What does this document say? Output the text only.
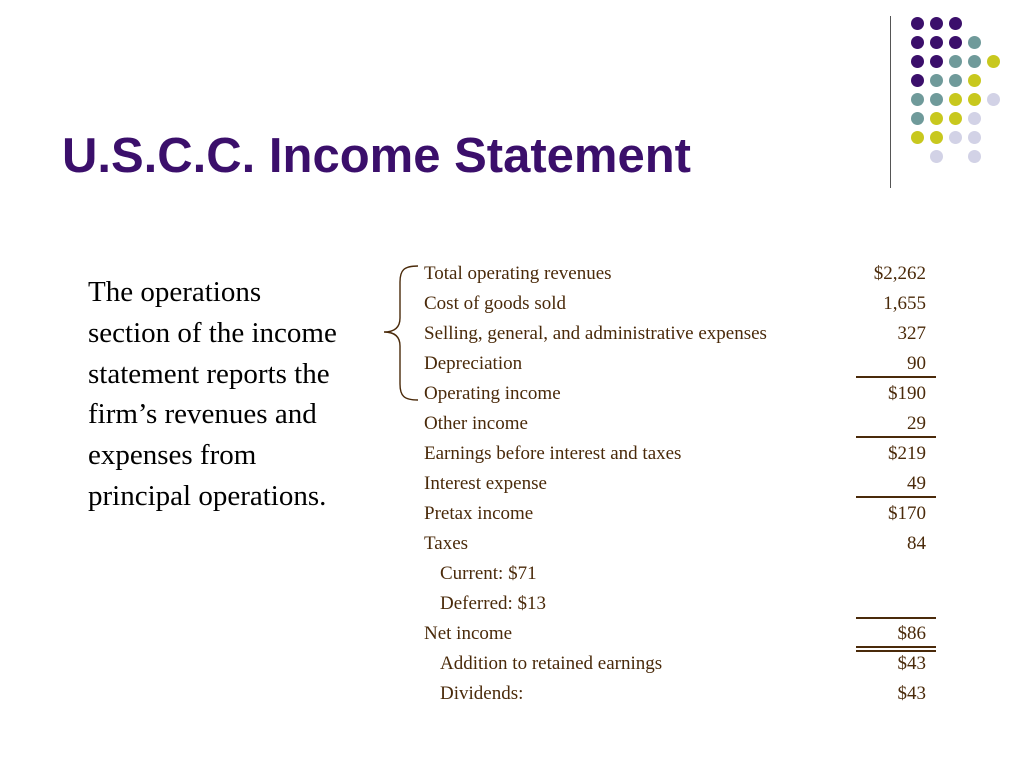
U.S.C.C. Income Statement

The operations section of the income statement reports the firm’s revenues and expenses from principal operations.

Total operating revenues	$2,262
Cost of goods sold	1,655
Selling, general, and administrative expenses	327
Depreciation	90
Operating income	$190
Other income	29
Earnings before interest and taxes	$219
Interest expense	49
Pretax income	$170
Taxes	84
Current: $71
Deferred: $13
Net income	$86
Addition to retained earnings	$43
Dividends:	$43
